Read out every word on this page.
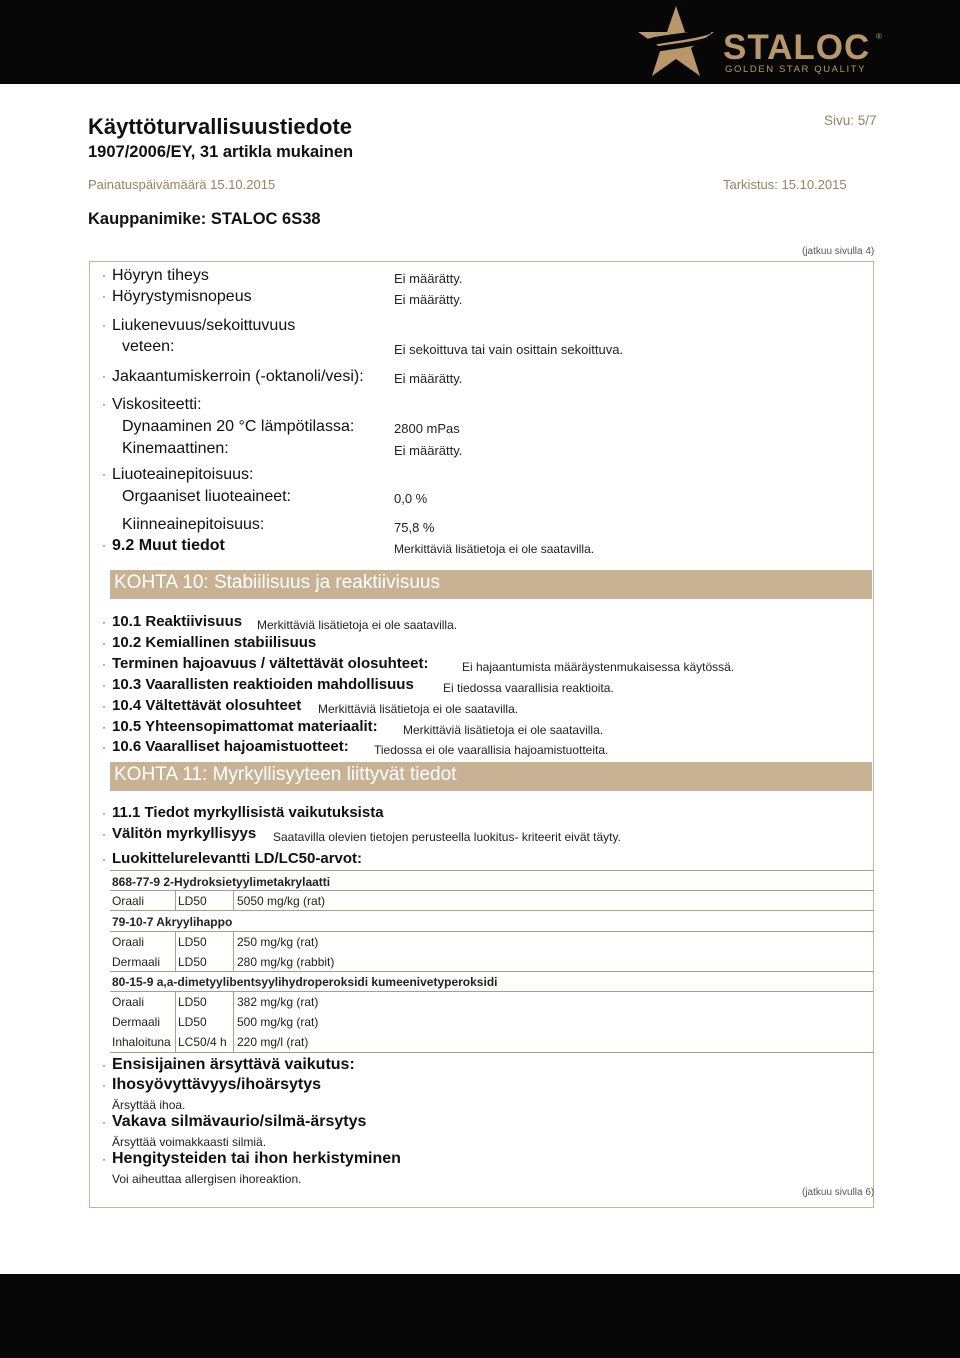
STALOC ®
GOLDEN STAR QUALITY
Käyttöturvallisuustiedote
1907/2006/EY, 31 artikla mukainen
Sivu: 5/7
Painatuspäivämäärä 15.10.2015	Tarkistus: 15.10.2015
Kauppanimike: STALOC 6S38
(jatkuu sivulla 4)
· Höyryn tiheys	Ei määrätty.
· Höyrystymisnopeus	Ei määrätty.
· Liukenevuus/sekoittuvuus
veteen:	Ei sekoittuva tai vain osittain sekoittuva.
· Jakaantumiskerroin (-oktanoli/vesi): Ei määrätty.
· Viskositeetti:
Dynaaminen 20 °C lämpötilassa:	2800 mPas
Kinemaattinen:	Ei määrätty.
· Liuoteainepitoisuus:
Orgaaniset liuoteaineet:	0,0 %
Kiinneainepitoisuus:	75,8 %
· 9.2 Muut tiedot	Merkittäviä lisätietoja ei ole saatavilla.
KOHTA 10: Stabiilisuus ja reaktiivisuus
· 10.1 Reaktiivisuus Merkittäviä lisätietoja ei ole saatavilla.
· 10.2 Kemiallinen stabiilisuus
· Terminen hajoavuus / vältettävät olosuhteet:	Ei hajaantumista määräystenmukaisessa käytössä.
· 10.3 Vaarallisten reaktioiden mahdollisuus Ei tiedossa vaarallisia reaktioita.
· 10.4 Vältettävät olosuhteet Merkittäviä lisätietoja ei ole saatavilla.
· 10.5 Yhteensopimattomat materiaalit: Merkittäviä lisätietoja ei ole saatavilla.
· 10.6 Vaaralliset hajoamistuotteet: Tiedossa ei ole vaarallisia hajoamistuotteita.
KOHTA 11: Myrkyllisyyteen liittyvät tiedot
· 11.1 Tiedot myrkyllisistä vaikutuksista
· Välitön myrkyllisyys Saatavilla olevien tietojen perusteella luokitus- kriteerit eivät täyty.
· Luokittelurelevantti LD/LC50-arvot:
868-77-9 2-Hydroksietyylimetakrylaatti
Oraali	LD50	5050 mg/kg (rat)
79-10-7 Akryylihappo
Oraali	LD50	250 mg/kg (rat)
Dermaali LD50	280 mg/kg (rabbit)
80-15-9 a,a-dimetyylibentsyylihydroperoksidi kumeenivetyperoksidi
Oraali	LD50	382 mg/kg (rat)
Dermaali LD50	500 mg/kg (rat)
Inhaloituna LC50/4 h 220 mg/l (rat)
· Ensisijainen ärsyttävä vaikutus:
· Ihosyövyttävyys/ihoärsytys
Ärsyttää ihoa.
· Vakava silmävaurio/silmä-ärsytys
Ärsyttää voimakkaasti silmiä.
· Hengitysteiden tai ihon herkistyminen
Voi aiheuttaa allergisen ihoreaktion.
(jatkuu sivulla 6)
